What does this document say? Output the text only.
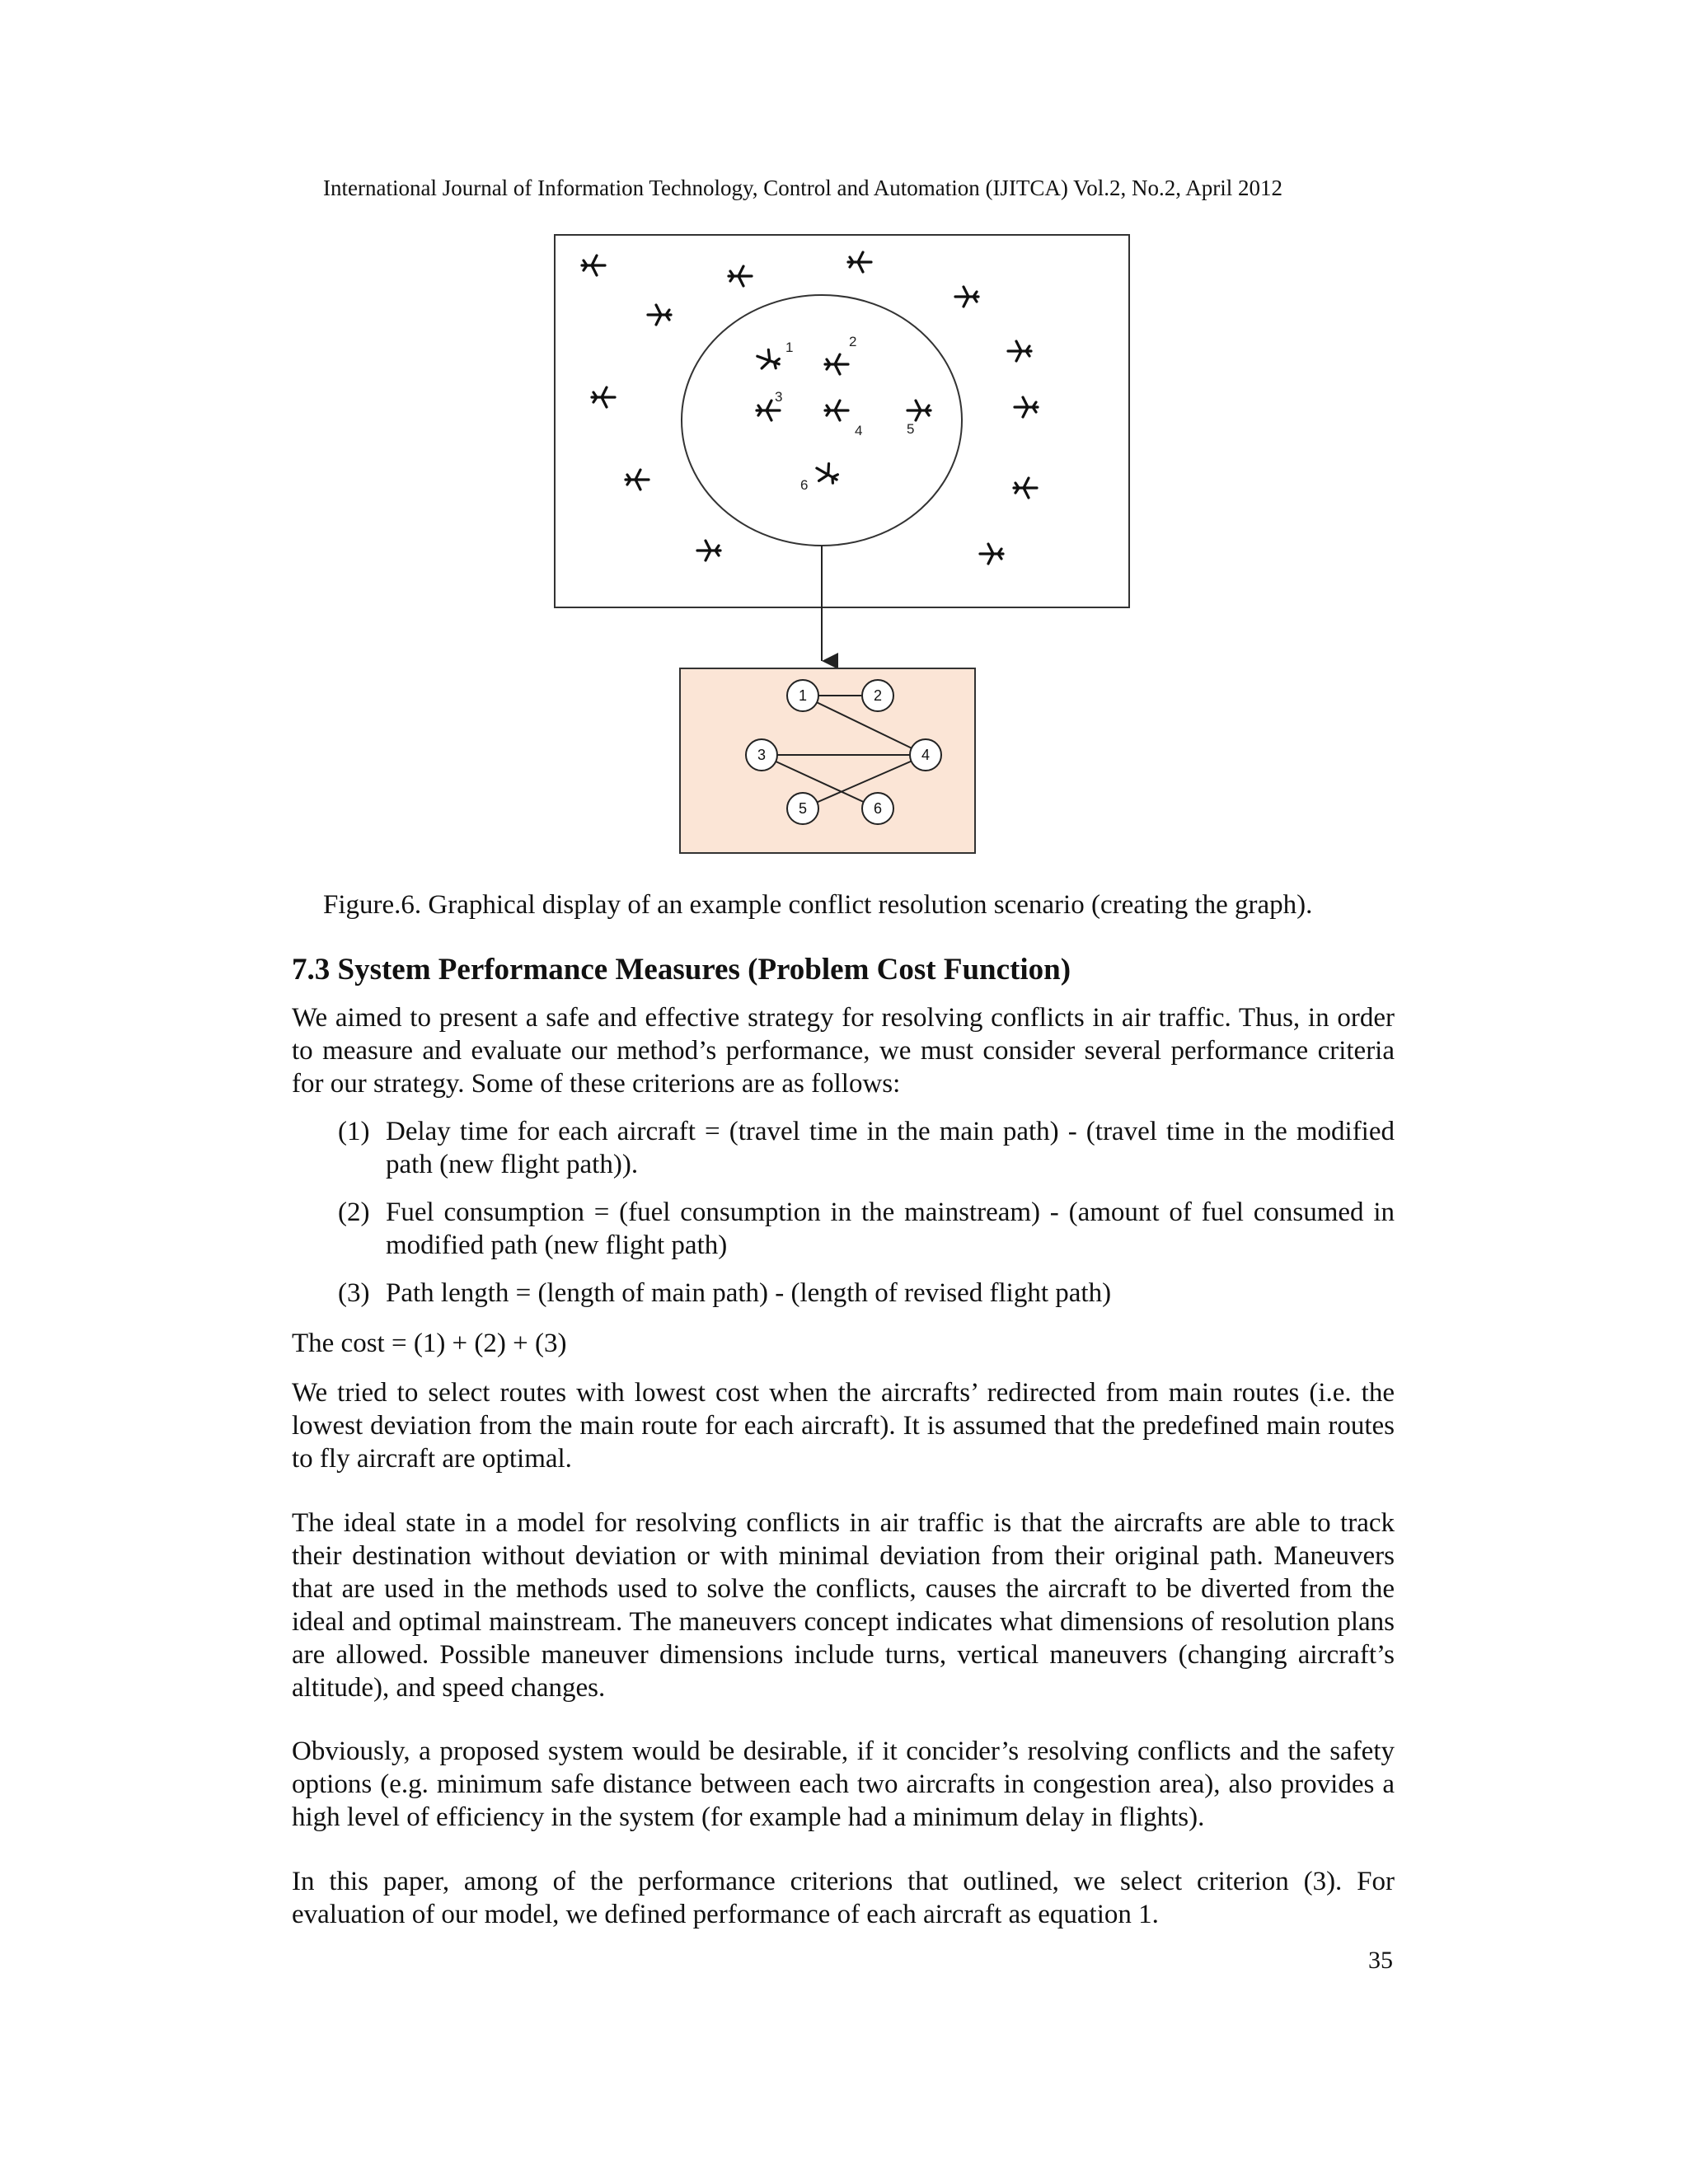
International Journal of Information Technology, Control and Automation (IJITCA) Vol.2, No.2, April 2012
1	2
3
4	5
6
1	2
3	4
5	6
Figure.6. Graphical display of an example conflict resolution scenario (creating the graph).
7.3 System Performance Measures (Problem Cost Function)
We aimed to present a safe and effective strategy for resolving conflicts in air traffic. Thus, in order to measure and evaluate our method’s performance, we must consider several performance criteria for our strategy. Some of these criterions are as follows:
(1) Delay time for each aircraft = (travel time in the main path) - (travel time in the modified path (new flight path)).
(2) Fuel consumption = (fuel consumption in the mainstream) - (amount of fuel consumed in modified path (new flight path)
(3) Path length = (length of main path) - (length of revised flight path)
The cost = (1) + (2) + (3)
We tried to select routes with lowest cost when the aircrafts’ redirected from main routes (i.e. the lowest deviation from the main route for each aircraft). It is assumed that the predefined main routes to fly aircraft are optimal.
The ideal state in a model for resolving conflicts in air traffic is that the aircrafts are able to track their destination without deviation or with minimal deviation from their original path. Maneuvers that are used in the methods used to solve the conflicts, causes the aircraft to be diverted from the ideal and optimal mainstream. The maneuvers concept indicates what dimensions of resolution plans are allowed. Possible maneuver dimensions include turns, vertical maneuvers (changing aircraft’s altitude), and speed changes.
Obviously, a proposed system would be desirable, if it concider’s resolving conflicts and the safety options (e.g. minimum safe distance between each two aircrafts in congestion area), also provides a high level of efficiency in the system (for example had a minimum delay in flights).
In this paper, among of the performance criterions that outlined, we select criterion (3). For evaluation of our model, we defined performance of each aircraft as equation 1.
35
